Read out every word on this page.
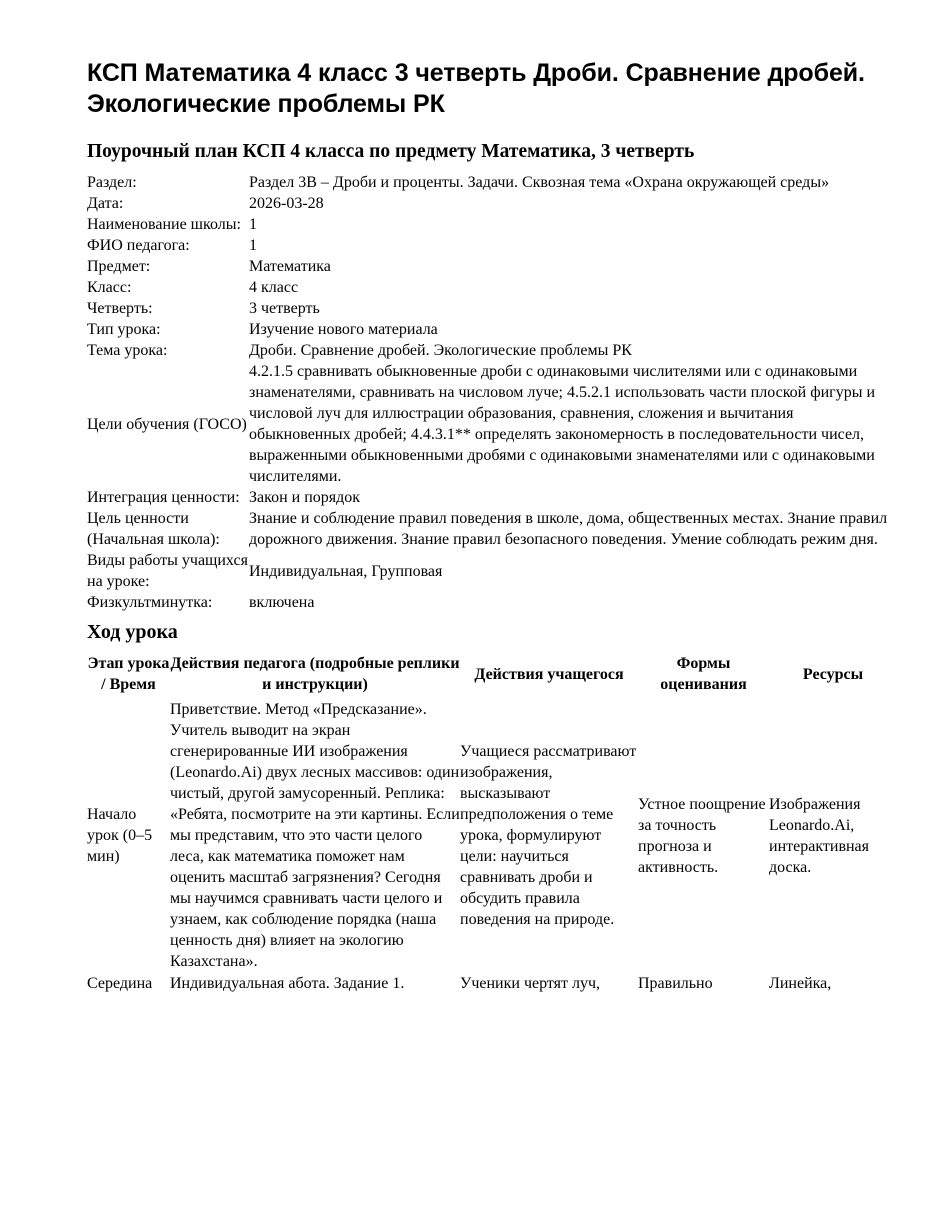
КСП Математика 4 класс 3 четверть Дроби. Сравнение дробей. Экологические проблемы РК
Поурочный план КСП 4 класса по предмету Математика, 3 четверть
Раздел:	Раздел 3В – Дроби и проценты. Задачи. Сквозная тема «Охрана окружающей среды»
Дата:	2026-03-28
Наименование школы:	1
ФИО педагога:	1
Предмет:	Математика
Класс:	4 класс
Четверть:	3 четверть
Тип урока:	Изучение нового материала
Тема урока:	Дроби. Сравнение дробей. Экологические проблемы РК
Цели обучения (ГОСО)	4.2.1.5 сравнивать обыкновенные дроби с одинаковыми числителями или с одинаковыми знаменателями, сравнивать на числовом луче; 4.5.2.1 использовать части плоской фигуры и числовой луч для иллюстрации образования, сравнения, сложения и вычитания обыкновенных дробей; 4.4.3.1** определять закономерность в последовательности чисел, выраженными обыкновенными дробями с одинаковыми знаменателями или с одинаковыми числителями.
Интеграция ценности:	Закон и порядок
Цель ценности (Начальная школа):	Знание и соблюдение правил поведения в школе, дома, общественных местах. Знание правил дорожного движения. Знание правил безопасного поведения. Умение соблюдать режим дня.
Виды работы учащихся на уроке:	Индивидуальная, Групповая
Физкультминутка:	включена
Ход урока
Этап урока / Время	Действия педагога (подробные реплики и инструкции)	Действия учащегося	Формы оценивания	Ресурсы
Начало урок (0–5 мин)	Приветствие. Метод «Предсказание». Учитель выводит на экран сгенерированные ИИ изображения (Leonardo.Ai) двух лесных массивов: один чистый, другой замусоренный. Реплика: «Ребята, посмотрите на эти картины. Если мы представим, что это части целого леса, как математика поможет нам оценить масштаб загрязнения? Сегодня мы научимся сравнивать части целого и узнаем, как соблюдение порядка (наша ценность дня) влияет на экологию Казахстана».	Учащиеся рассматривают изображения, высказывают предположения о теме урока, формулируют цели: научиться сравнивать дроби и обсудить правила поведения на природе.	Устное поощрение за точность прогноза и активность.	Изображения Leonardo.Ai, интерактивная доска.
Середина	Индивидуальная абота. Задание 1.	Ученики чертят луч,	Правильно	Линейка,
